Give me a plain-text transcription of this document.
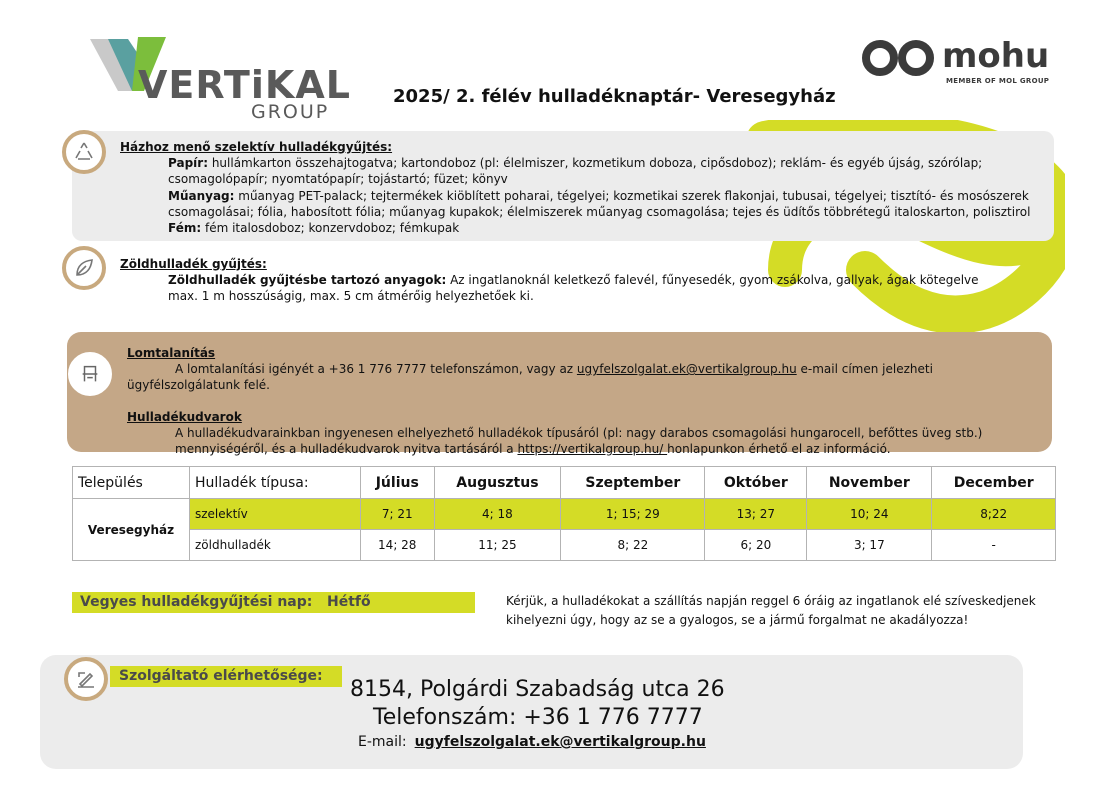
VERTiKAL
GROUP
mohu
MEMBER OF MOL GROUP
2025/ 2. félév hulladéknaptár- Veresegyház
Házhoz menő szelektív hulladékgyűjtés:
Papír: hullámkarton összehajtogatva; kartondoboz (pl: élelmiszer, kozmetikum doboza, cipősdoboz); reklám- és egyéb újság, szórólap; csomagolópapír; nyomtatópapír; tojástartó; füzet; könyv
Műanyag: műanyag PET-palack; tejtermékek kiöblített poharai, tégelyei; kozmetikai szerek flakonjai, tubusai, tégelyei; tisztító- és mosószerek csomagolásai; fólia, habosított fólia; műanyag kupakok; élelmiszerek műanyag csomagolása; tejes és üdítős többrétegű italoskarton, polisztirol
Fém: fém italosdoboz; konzervdoboz; fémkupak
Zöldhulladék gyűjtés:
Zöldhulladék gyűjtésbe tartozó anyagok: Az ingatlanoknál keletkező falevél, fűnyesedék, gyom zsákolva, gallyak, ágak kötegelve max. 1 m hosszúságig, max. 5 cm átmérőig helyezhetőek ki.
Lomtalanítás
A lomtalanítási igényét a +36 1 776 7777 telefonszámon, vagy az ugyfelszolgalat.ek@vertikalgroup.hu e-mail címen jelezheti ügyfélszolgálatunk felé.
Hulladékudvarok
A hulladékudvarainkban ingyenesen elhelyezhető hulladékok típusáról (pl: nagy darabos csomagolási hungarocell, befőttes üveg stb.) mennyiségéről, és a hulladékudvarok nyitva tartásáról a https://vertikalgroup.hu/ honlapunkon érhető el az információ.
Település	Hulladék típusa:	Július	Augusztus	Szeptember	Október	November	December
Veresegyház	szelektív	7; 21	4; 18	1; 15; 29	13; 27	10; 24	8;22
	zöldhulladék	14; 28	11; 25	8; 22	6; 20	3; 17	-
Vegyes hulladékgyűjtési nap: Hétfő	Kérjük, a hulladékokat a szállítás napján reggel 6 óráig az ingatlanok elé szíveskedjenek kihelyezni úgy, hogy az se a gyalogos, se a jármű forgalmat ne akadályozza!
Szolgáltató elérhetősége:
8154, Polgárdi Szabadság utca 26
Telefonszám: +36 1 776 7777
E-mail: ugyfelszolgalat.ek@vertikalgroup.hu
